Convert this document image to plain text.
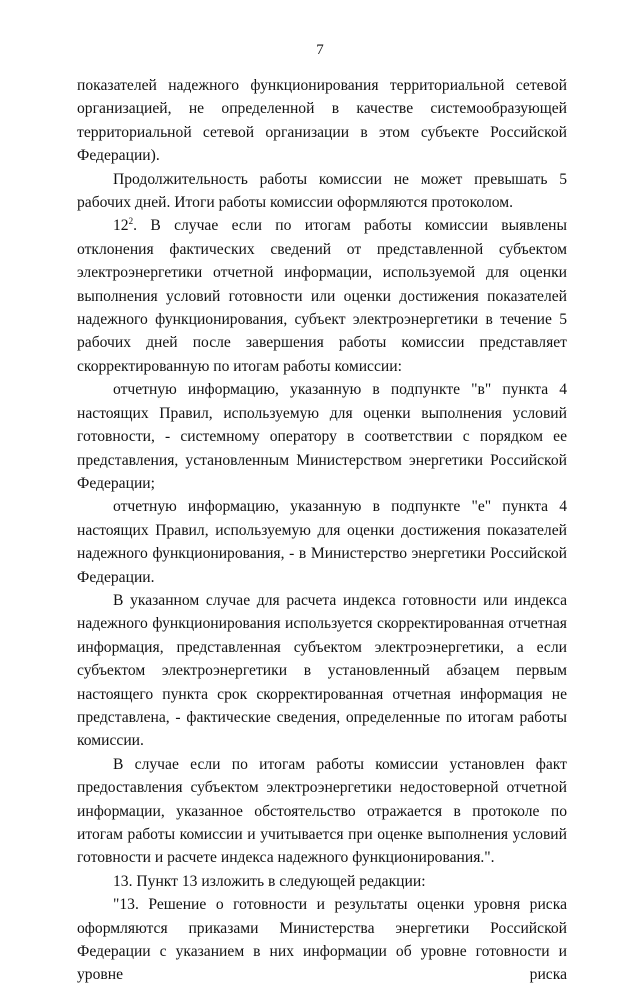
7

показателей надежного функционирования территориальной сетевой организацией, не определенной в качестве системообразующей территориальной сетевой организации в этом субъекте Российской Федерации).

Продолжительность работы комиссии не может превышать 5 рабочих дней. Итоги работы комиссии оформляются протоколом.

$12^2$. В случае если по итогам работы комиссии выявлены отклонения фактических сведений от представленной субъектом электроэнергетики отчетной информации, используемой для оценки выполнения условий готовности или оценки достижения показателей надежного функционирования, субъект электроэнергетики в течение 5 рабочих дней после завершения работы комиссии представляет скорректированную по итогам работы комиссии:

отчетную информацию, указанную в подпункте "в" пункта 4 настоящих Правил, используемую для оценки выполнения условий готовности, - системному оператору в соответствии с порядком ее представления, установленным Министерством энергетики Российской Федерации;

отчетную информацию, указанную в подпункте "е" пункта 4 настоящих Правил, используемую для оценки достижения показателей надежного функционирования, - в Министерство энергетики Российской Федерации.

В указанном случае для расчета индекса готовности или индекса надежного функционирования используется скорректированная отчетная информация, представленная субъектом электроэнергетики, а если субъектом электроэнергетики в установленный абзацем первым настоящего пункта срок скорректированная отчетная информация не представлена, - фактические сведения, определенные по итогам работы комиссии.

В случае если по итогам работы комиссии установлен факт предоставления субъектом электроэнергетики недостоверной отчетной информации, указанное обстоятельство отражается в протоколе по итогам работы комиссии и учитывается при оценке выполнения условий готовности и расчете индекса надежного функционирования.".

13. Пункт 13 изложить в следующей редакции:

"13. Решение о готовности и результаты оценки уровня риска оформляются приказами Министерства энергетики Российской Федерации с указанием в них информации об уровне готовности и уровне риска
